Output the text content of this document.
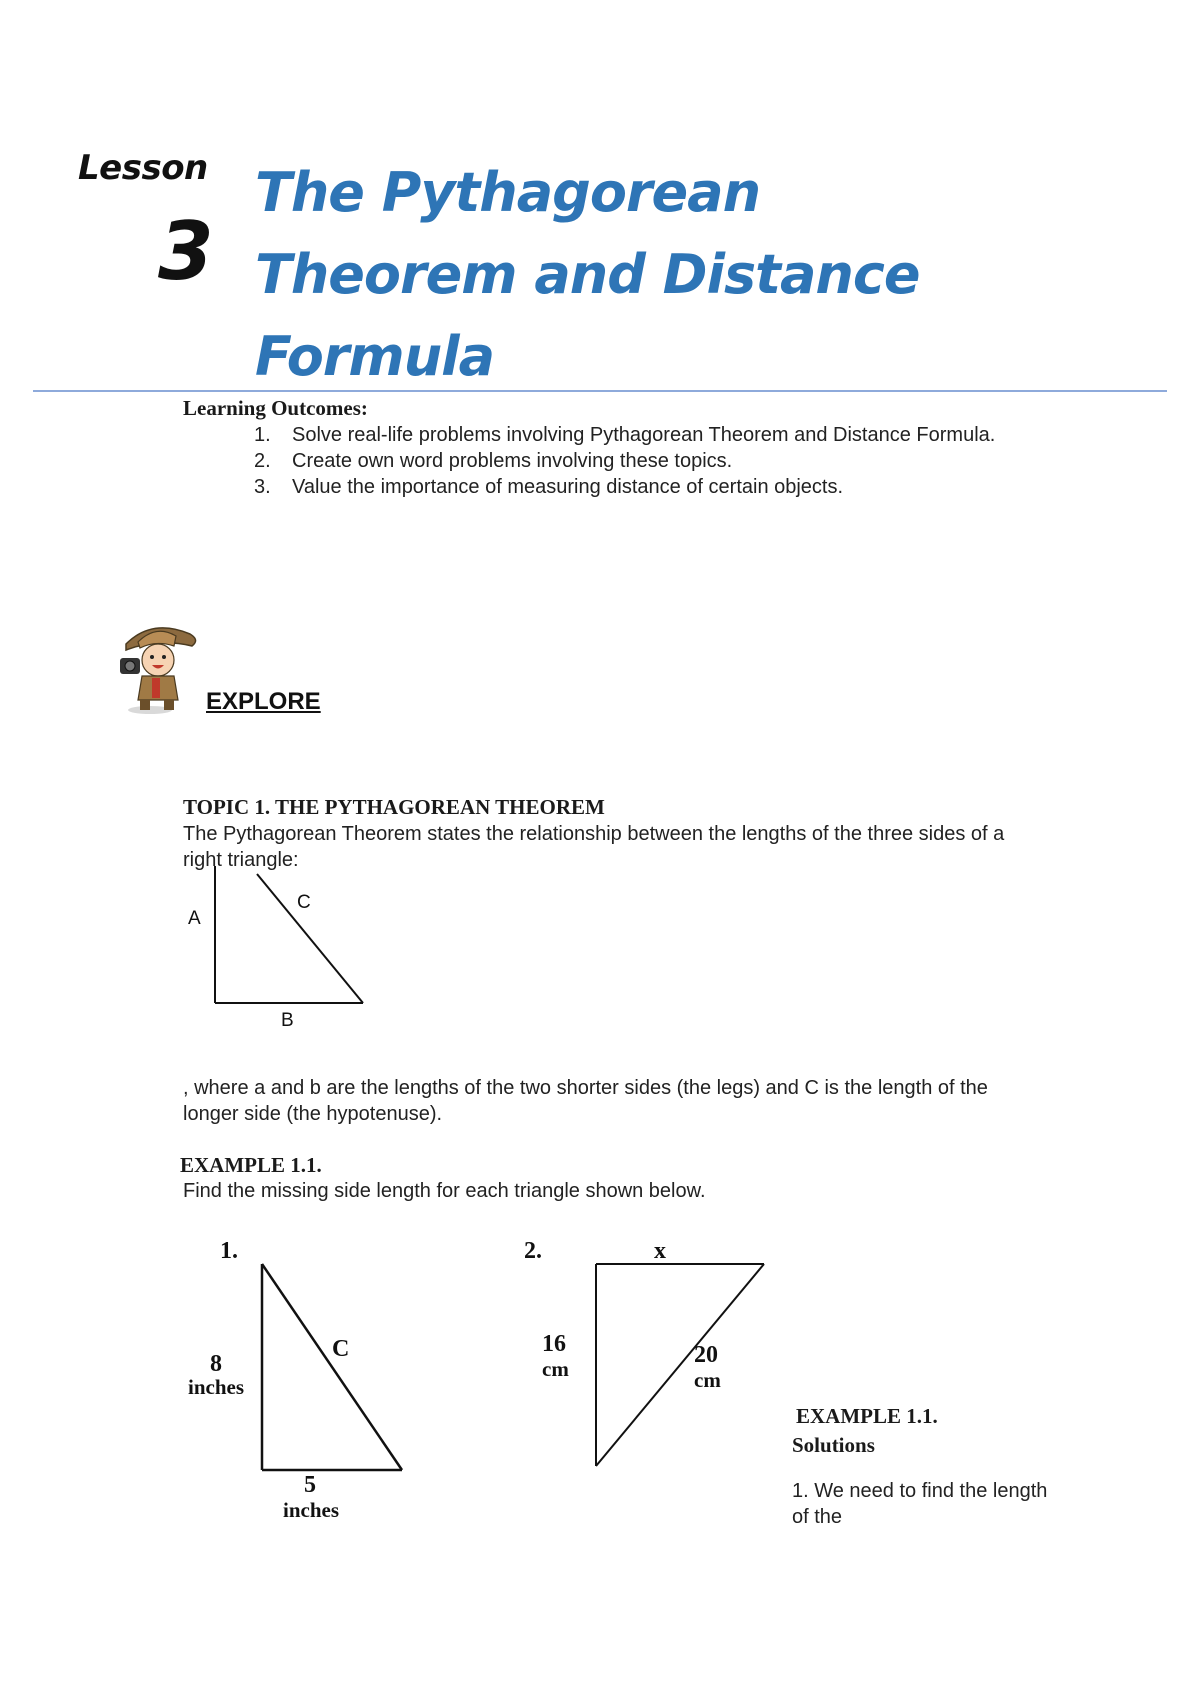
Lesson
3
The Pythagorean
Theorem and Distance
Formula
Learning Outcomes:
1. Solve real-life problems involving Pythagorean Theorem and Distance Formula.
2. Create own word problems involving these topics.
3. Value the importance of measuring distance of certain objects.
EXPLORE
TOPIC 1. THE PYTHAGOREAN THEOREM
The Pythagorean Theorem states the relationship between the lengths of the three sides of a right triangle:
A
C
B
, where a and b are the lengths of the two shorter sides (the legs) and C is the length of the longer side (the hypotenuse).
EXAMPLE 1.1.
Find the missing side length for each triangle shown below.
1.
8
inches
C
5
inches
2.	x
16
cm
20
cm
EXAMPLE 1.1.
Solutions
1. We need to find the length of the
